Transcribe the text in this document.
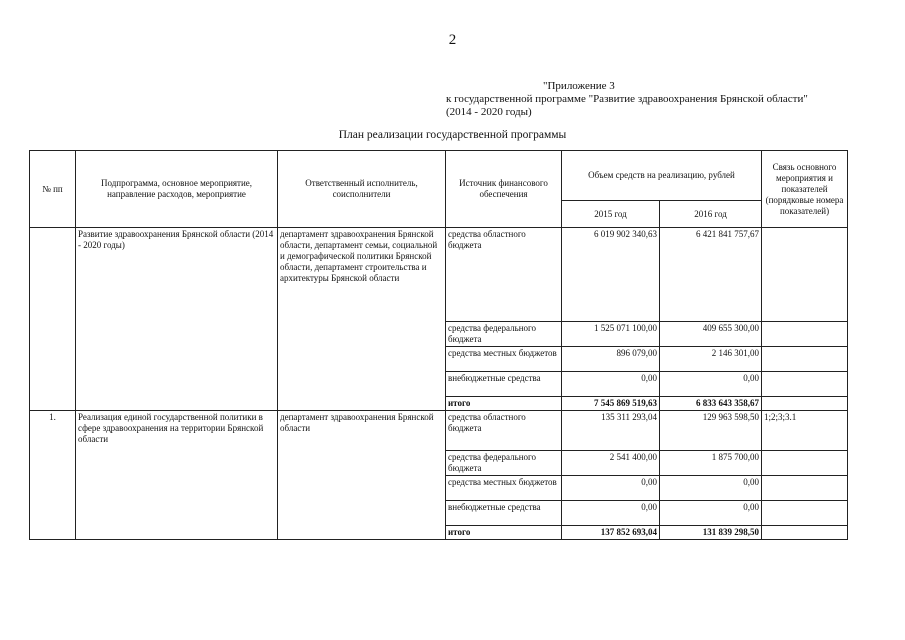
2
"Приложение 3
к государственной программе "Развитие здравоохранения Брянской области"
(2014 - 2020 годы)
План реализации государственной программы
№ пп	Подпрограмма, основное мероприятие, направление расходов, мероприятие	Ответственный исполнитель, соисполнители	Источник финансового обеспечения	Объем средств на реализацию, рублей		Связь основного мероприятия и показателей (порядковые номера показателей)
				2015 год	2016 год	
	Развитие здравоохранения Брянской области (2014 - 2020 годы)	департамент здравоохранения Брянской области, департамент семьи, социальной и демографической политики Брянской области, департамент строительства и архитектуры Брянской области	средства областного бюджета	6 019 902 340,63	6 421 841 757,67	
			средства федерального бюджета	1 525 071 100,00	409 655 300,00	
			средства местных бюджетов	896 079,00	2 146 301,00	
			внебюджетные средства	0,00	0,00	
			итого	7 545 869 519,63	6 833 643 358,67	
1.	Реализация единой государственной политики в сфере здравоохранения на территории Брянской области	департамент здравоохранения Брянской области	средства областного бюджета	135 311 293,04	129 963 598,50	1;2;3;3.1
			средства федерального бюджета	2 541 400,00	1 875 700,00	
			средства местных бюджетов	0,00	0,00	
			внебюджетные средства	0,00	0,00	
			итого	137 852 693,04	131 839 298,50	
